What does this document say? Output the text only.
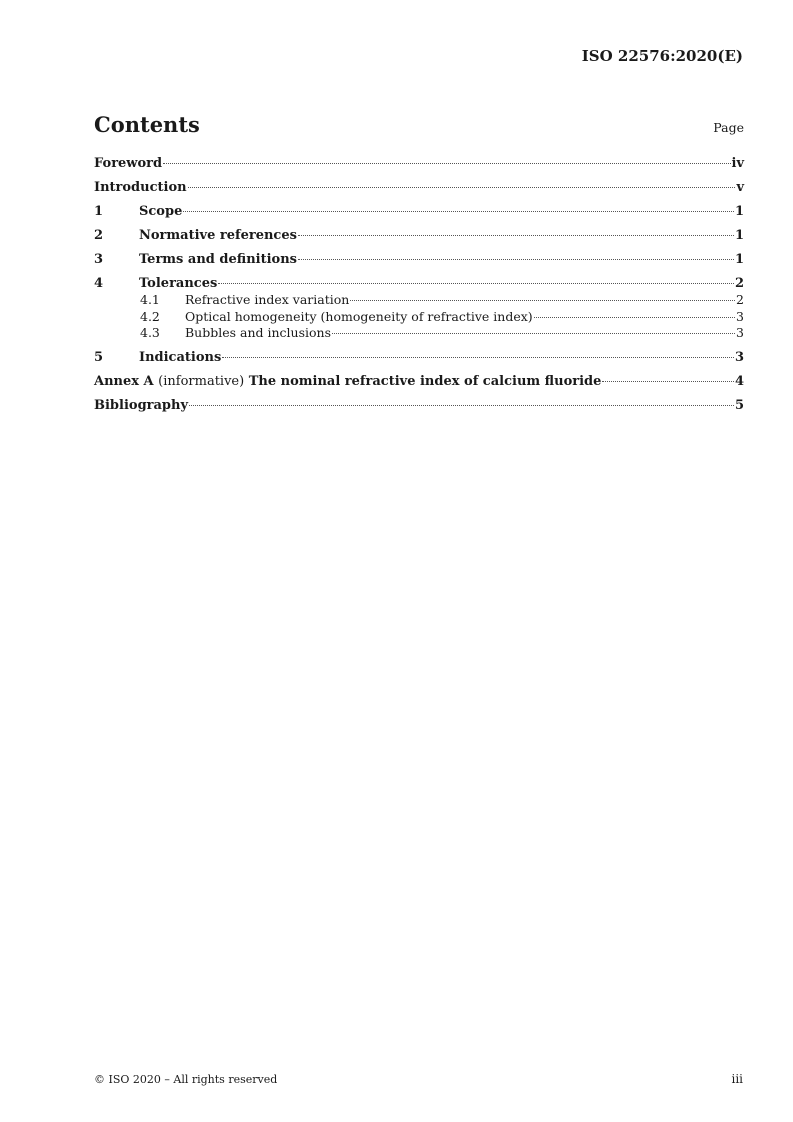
ISO 22576:2020(E)
Contents	Page
Foreword	iv
Introduction	v
1	Scope	1
2	Normative references	1
3	Terms and definitions	1
4	Tolerances	2
4.1	Refractive index variation	2
4.2	Optical homogeneity (homogeneity of refractive index)	3
4.3	Bubbles and inclusions	3
5	Indications	3
Annex A (informative) The nominal refractive index of calcium fluoride	4
Bibliography	5
© ISO 2020 – All rights reserved	iii
